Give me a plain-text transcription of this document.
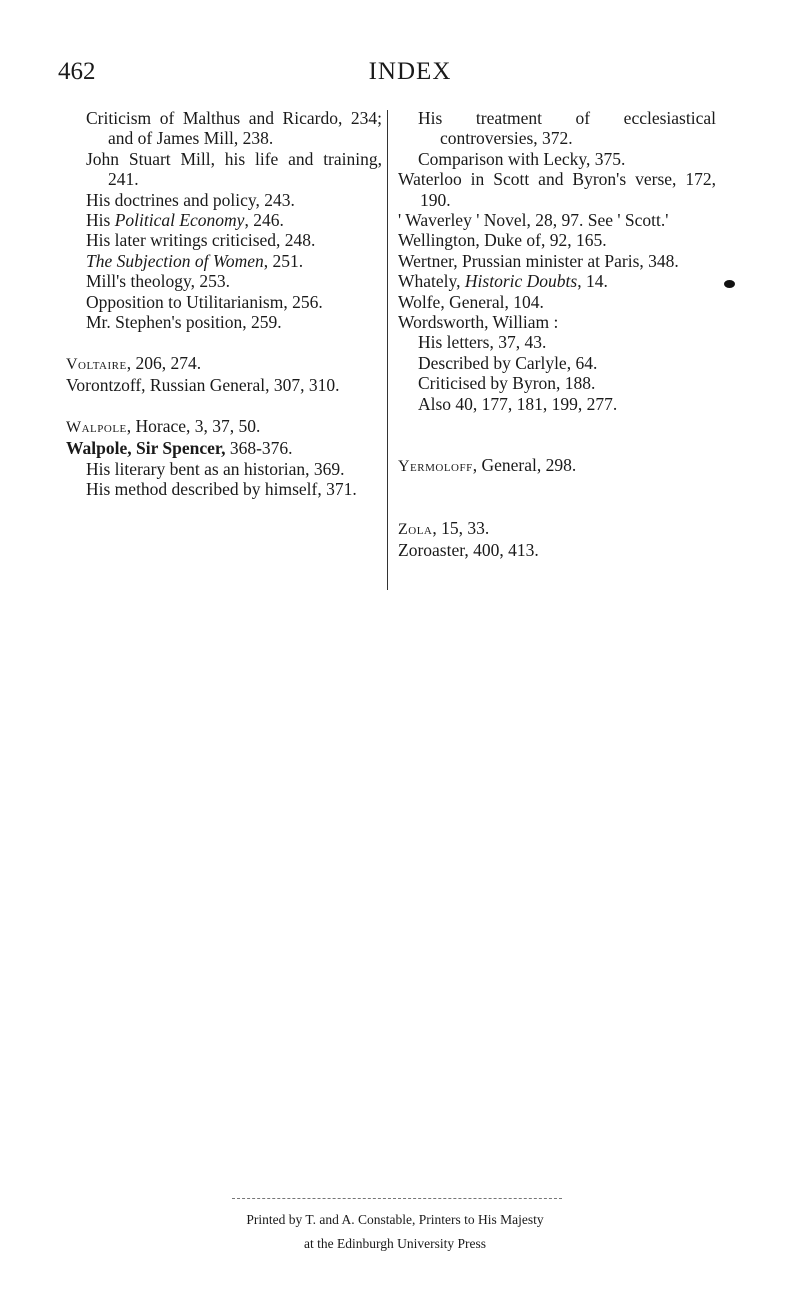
462	INDEX

Criticism of Malthus and Ricardo, 234; and of James Mill, 238.

John Stuart Mill, his life and training, 241.

His doctrines and policy, 243.

His Political Economy, 246.

His later writings criticised, 248.

The Subjection of Women, 251.

Mill's theology, 253.

Opposition to Utilitarianism, 256.

Mr. Stephen's position, 259.

Voltaire, 206, 274.

Vorontzoff, Russian General, 307, 310.

Walpole, Horace, 3, 37, 50.

Walpole, Sir Spencer, 368-376.

His literary bent as an historian, 369.

His method described by himself, 371.

His treatment of ecclesiastical controversies, 372.

Comparison with Lecky, 375.

Waterloo in Scott and Byron's verse, 172, 190.

' Waverley ' Novel, 28, 97. See ' Scott.'

Wellington, Duke of, 92, 165.

Wertner, Prussian minister at Paris, 348.

Whately, Historic Doubts, 14.

Wolfe, General, 104.

Wordsworth, William :

His letters, 37, 43.

Described by Carlyle, 64.

Criticised by Byron, 188.

Also 40, 177, 181, 199, 277.

Yermoloff, General, 298.

Zola, 15, 33.

Zoroaster, 400, 413.

Printed by T. and A. Constable, Printers to His Majesty
at the Edinburgh University Press
